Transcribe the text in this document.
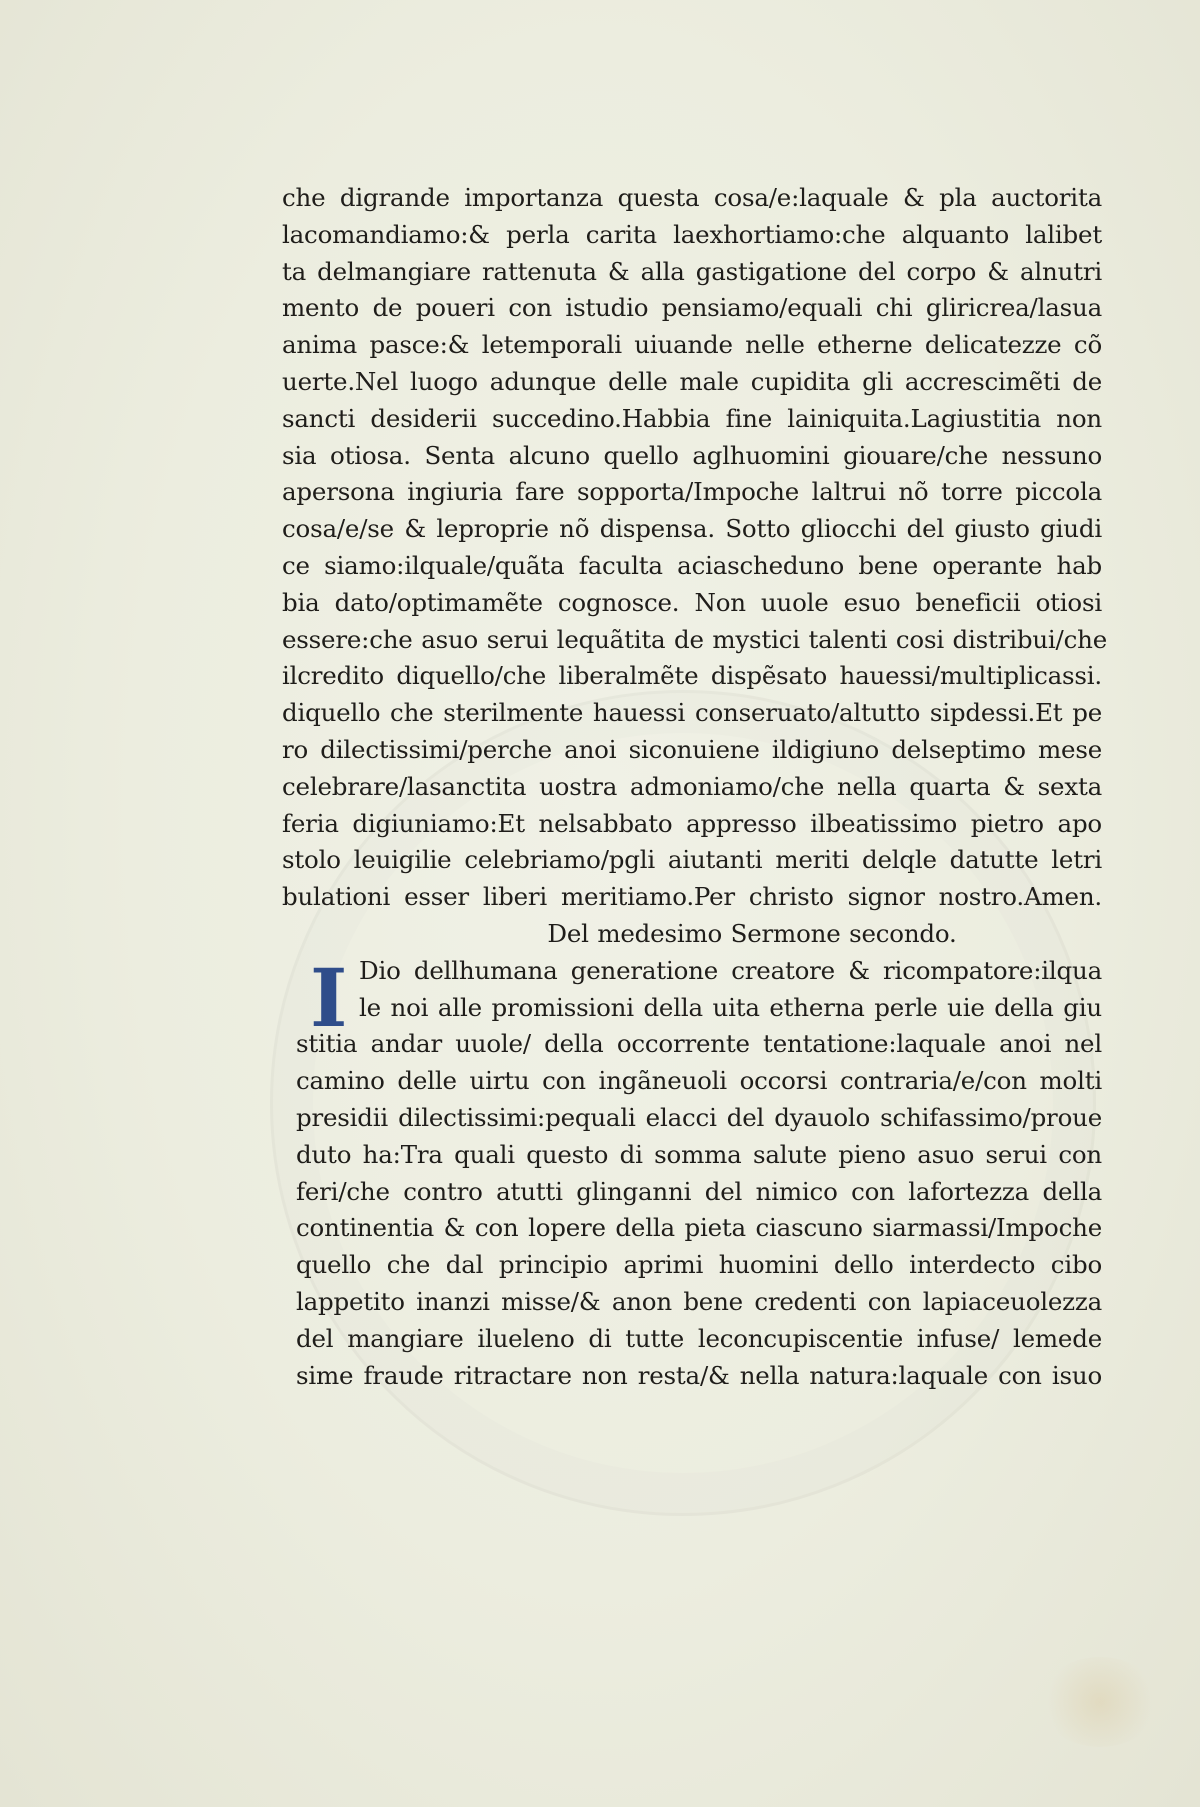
I
che digrande importanza questa cosa/e:laquale & pla auctorita
lacomandiamo:& perla carita laexhortiamo:che alquanto lalibet
ta delmangiare rattenuta & alla gastigatione del corpo & alnutri
mento de poueri con istudio pensiamo/equali chi gliricrea/lasua
anima pasce:& letemporali uiuande nelle etherne delicatezze cõ
uerte.Nel luogo adunque delle male cupidita gli accrescimẽti de
sancti desiderii succedino.Habbia fine lainiquita.Lagiustitia non
sia otiosa. Senta alcuno quello aglhuomini giouare/che nessuno
apersona ingiuria fare sopporta/Impoche laltrui nõ torre piccola
cosa/e/se & leproprie nõ dispensa. Sotto gliocchi del giusto giudi
ce siamo:ilquale/quãta faculta aciascheduno bene operante hab
bia dato/optimamẽte cognosce. Non uuole esuo beneficii otiosi
essere:che asuo serui lequãtita de mystici talenti cosi distribui/che
ilcredito diquello/che liberalmẽte dispẽsato hauessi/multiplicassi.
diquello che sterilmente hauessi conseruato/altutto sipdessi.Et pe
ro dilectissimi/perche anoi siconuiene ildigiuno delseptimo mese
celebrare/lasanctita uostra admoniamo/che nella quarta & sexta
feria digiuniamo:Et nelsabbato appresso ilbeatissimo pietro apo
stolo leuigilie celebriamo/pgli aiutanti meriti delqle datutte letri
bulationi esser liberi meritiamo.Per christo signor nostro.Amen.
Del medesimo Sermone secondo.
Dio dellhumana generatione creatore & ricompatore:ilqua
le noi alle promissioni della uita etherna perle uie della giu
stitia andar uuole/ della occorrente tentatione:laquale anoi nel
camino delle uirtu con ingãneuoli occorsi contraria/e/con molti
presidii dilectissimi:pequali elacci del dyauolo schifassimo/proue
duto ha:Tra quali questo di somma salute pieno asuo serui con
feri/che contro atutti glinganni del nimico con lafortezza della
continentia & con lopere della pieta ciascuno siarmassi/Impoche
quello che dal principio aprimi huomini dello interdecto cibo
lappetito inanzi misse/& anon bene credenti con lapiaceuolezza
del mangiare ilueleno di tutte leconcupiscentie infuse/ lemede
sime fraude ritractare non resta/& nella natura:laquale con isuo
